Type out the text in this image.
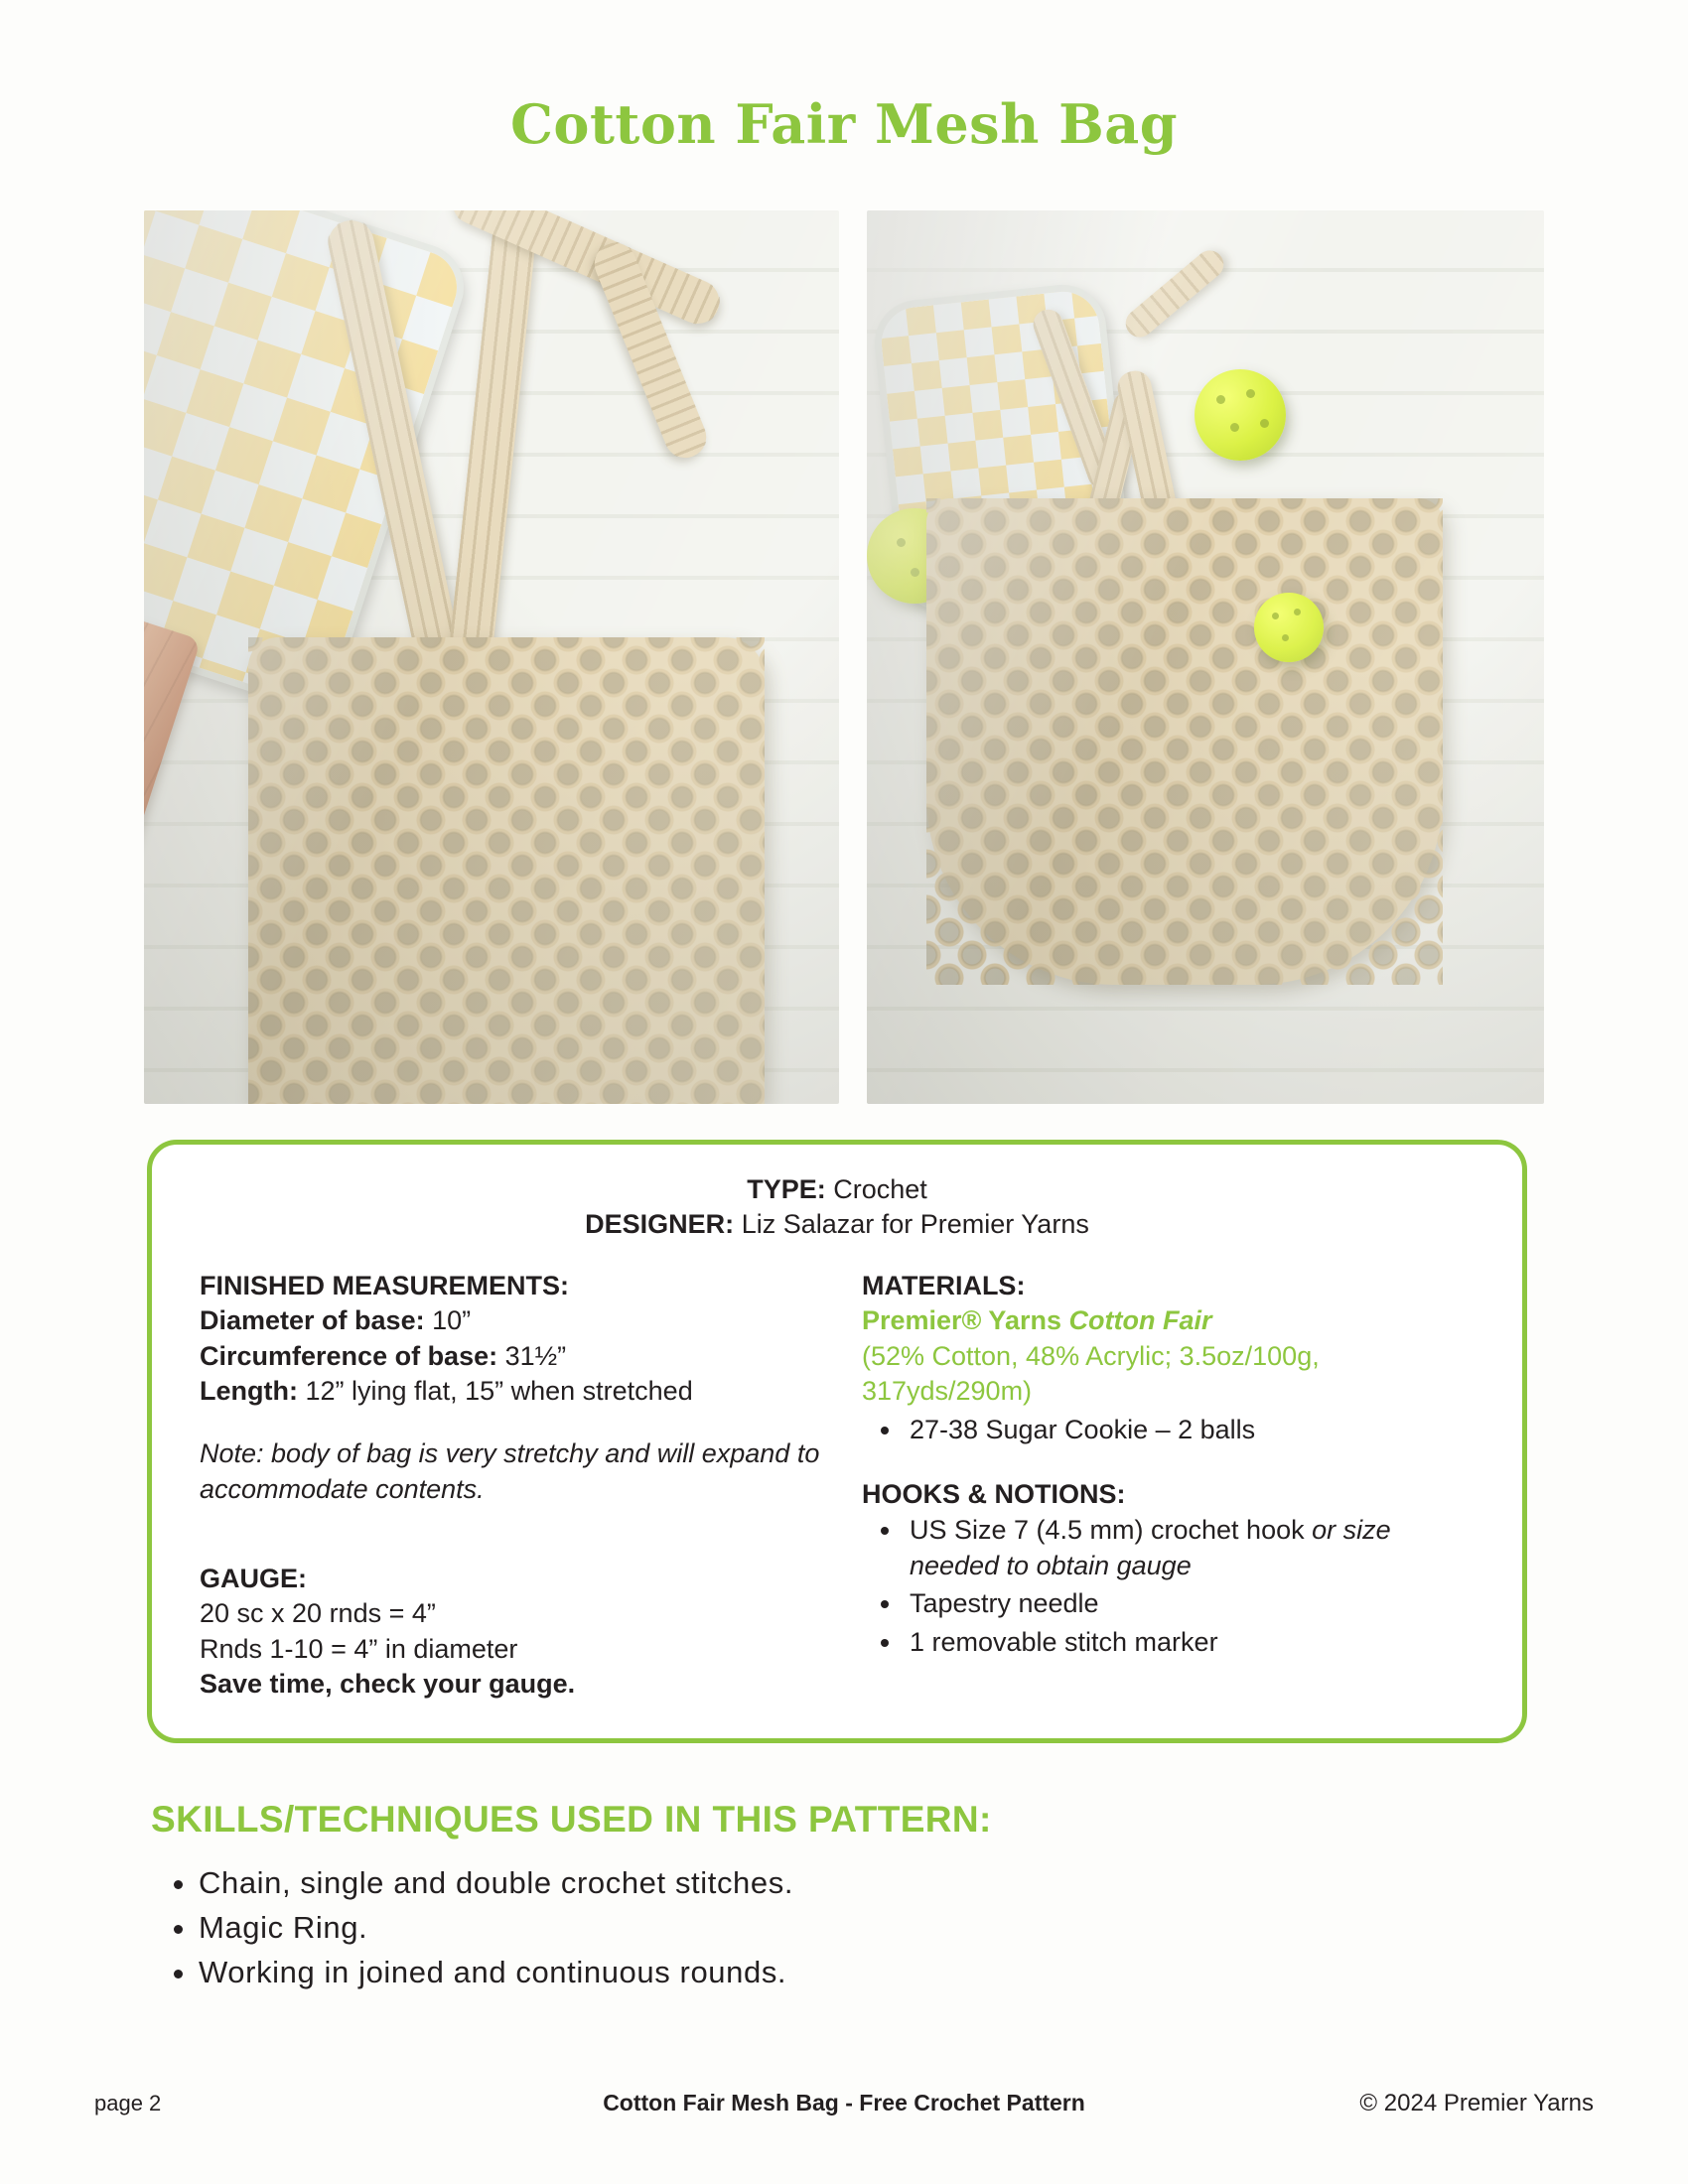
Cotton Fair Mesh Bag
TYPE: Crochet
DESIGNER: Liz Salazar for Premier Yarns
FINISHED MEASUREMENTS:

Diameter of base: 10”

Circumference of base: 31½”

Length: 12” lying flat, 15” when stretched

Note: body of bag is very stretchy and will expand to accommodate contents.

GAUGE:

20 sc x 20 rnds = 4”

Rnds 1-10 = 4” in diameter

Save time, check your gauge.

MATERIALS:

Premier® Yarns Cotton Fair

(52% Cotton, 48% Acrylic; 3.5oz/100g, 317yds/290m)

• 27-38 Sugar Cookie – 2 balls
HOOKS & NOTIONS:
• US Size 7 (4.5 mm) crochet hook or size needed to obtain gauge
• Tapestry needle
• 1 removable stitch marker
SKILLS/TECHNIQUES USED IN THIS PATTERN:
• Chain, single and double crochet stitches.
• Magic Ring.
• Working in joined and continuous rounds.
page 2	Cotton Fair Mesh Bag - Free Crochet Pattern	© 2024 Premier Yarns
